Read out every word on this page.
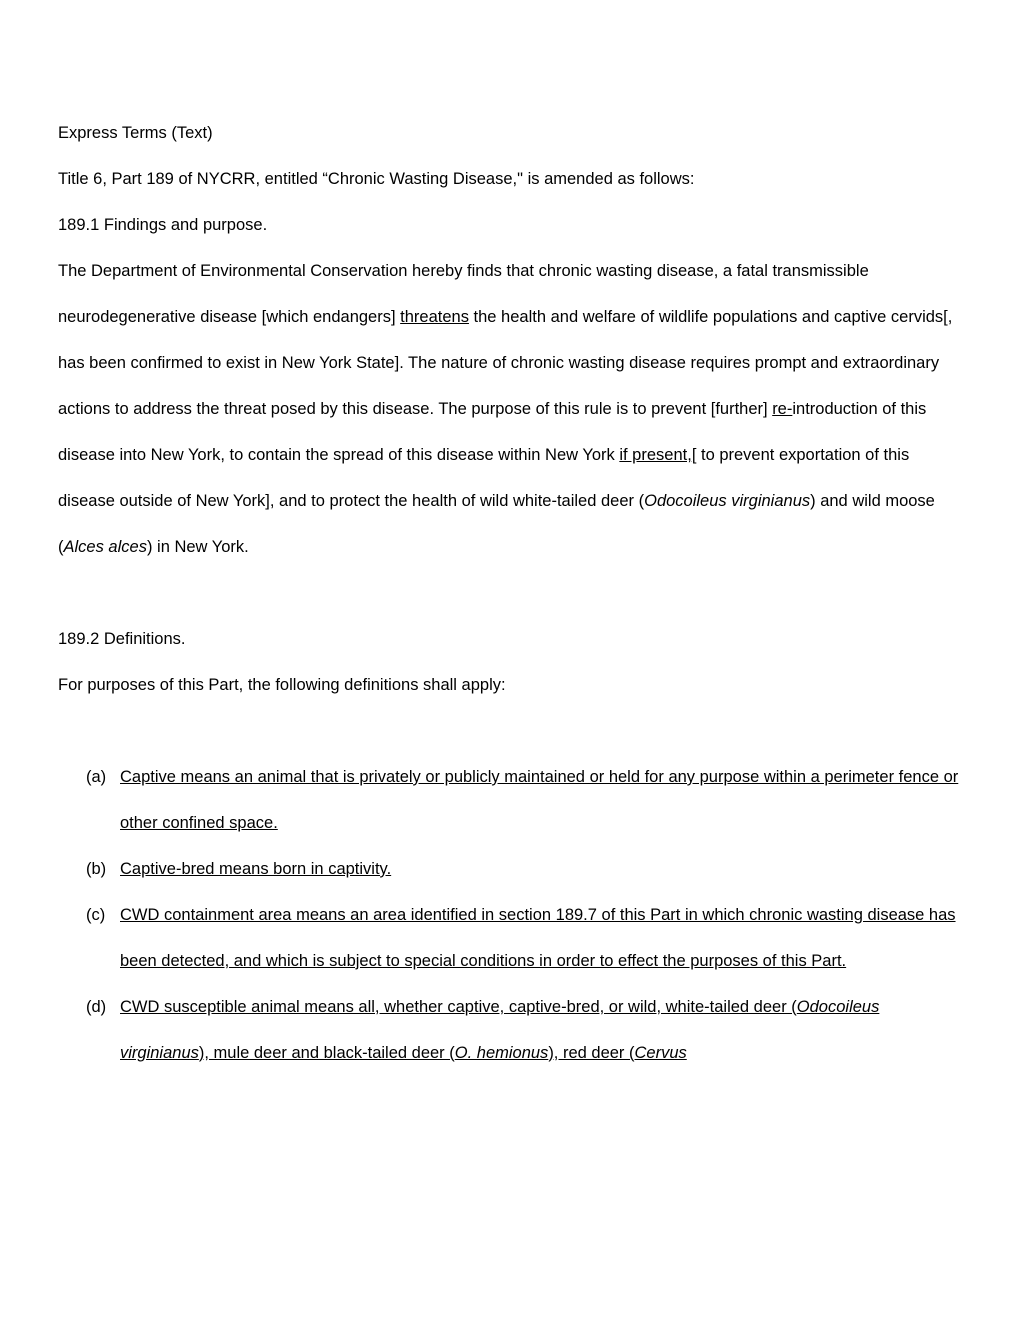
Express Terms (Text)

Title 6, Part 189 of NYCRR, entitled “Chronic Wasting Disease," is amended as follows:

189.1 Findings and purpose.

The Department of Environmental Conservation hereby finds that chronic wasting disease, a fatal transmissible neurodegenerative disease [which endangers] threatens the health and welfare of wildlife populations and captive cervids[, has been confirmed to exist in New York State]. The nature of chronic wasting disease requires prompt and extraordinary actions to address the threat posed by this disease. The purpose of this rule is to prevent [further] re-introduction of this disease into New York, to contain the spread of this disease within New York if present,[ to prevent exportation of this disease outside of New York], and to protect the health of wild white-tailed deer (Odocoileus virginianus) and wild moose (Alces alces) in New York.

189.2 Definitions.

For purposes of this Part, the following definitions shall apply:

(a) Captive means an animal that is privately or publicly maintained or held for any purpose within a perimeter fence or other confined space.
(b) Captive-bred means born in captivity.
(c) CWD containment area means an area identified in section 189.7 of this Part in which chronic wasting disease has been detected, and which is subject to special conditions in order to effect the purposes of this Part.
(d) CWD susceptible animal means all, whether captive, captive-bred, or wild, white-tailed deer (Odocoileus virginianus), mule deer and black-tailed deer (O. hemionus), red deer (Cervus
